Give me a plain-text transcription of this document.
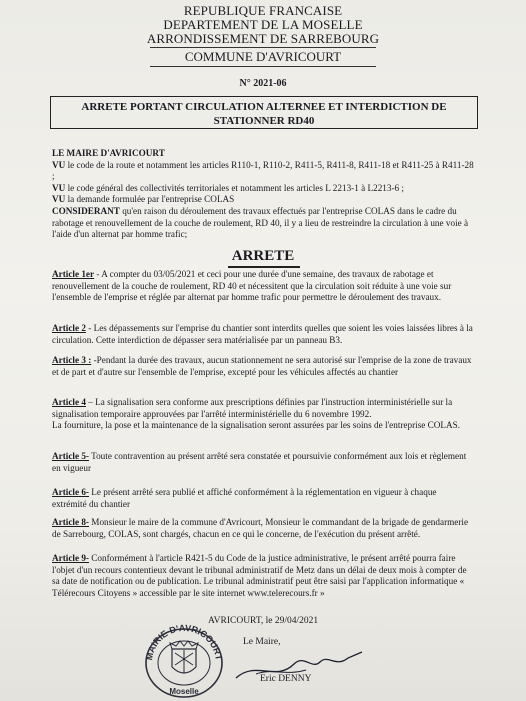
REPUBLIQUE FRANCAISE
DEPARTEMENT DE LA MOSELLE
ARRONDISSEMENT DE SARREBOURG
COMMUNE D'AVRICOURT
N° 2021-06
ARRETE PORTANT CIRCULATION ALTERNEE ET INTERDICTION DE
STATIONNER RD40

LE MAIRE D'AVRICOURT

VU le code de la route et notamment les articles R110-1, R110-2, R411-5, R411-8, R411-18 et R411-25 à R411-28 ;

VU le code général des collectivités territoriales et notamment les articles L 2213-1 à L2213-6 ;

VU la demande formulée par l'entreprise COLAS

CONSIDERANT qu'en raison du déroulement des travaux effectués par l'entreprise COLAS dans le cadre du rabotage et renouvellement de la couche de roulement, RD 40, il y a lieu de restreindre la circulation à une voie à l'aide d'un alternat par homme trafic;

ARRETE

Article 1er - A compter du 03/05/2021 et ceci pour une durée d'une semaine, des travaux de rabotage et renouvellement de la couche de roulement, RD 40 et nécessitent que la circulation soit réduite à une voie sur l'ensemble de l'emprise et réglée par alternat par homme trafic pour permettre le déroulement des travaux.

Article 2 - Les dépassements sur l'emprise du chantier sont interdits quelles que soient les voies laissées libres à la circulation. Cette interdiction de dépasser sera matérialisée par un panneau B3.

Article 3 : -Pendant la durée des travaux, aucun stationnement ne sera autorisé sur l'emprise de la zone de travaux et de part et d'autre sur l'ensemble de l'emprise, excepté pour les véhicules affectés au chantier

Article 4 – La signalisation sera conforme aux prescriptions définies par l'instruction interministérielle sur la signalisation temporaire approuvées par l'arrêté interministérielle du 6 novembre 1992.

La fourniture, la pose et la maintenance de la signalisation seront assurées par les soins de l'entreprise COLAS.

Article 5- Toute contravention au présent arrêté sera constatée et poursuivie conformément aux lois et règlement en vigueur

Article 6- Le présent arrêté sera publié et affiché conformément à la réglementation en vigueur à chaque extrémité du chantier

Article 8- Monsieur le maire de la commune d'Avricourt, Monsieur le commandant de la brigade de gendarmerie de Sarrebourg, COLAS, sont chargés, chacun en ce qui le concerne, de l'exécution du présent arrêté.

Article 9- Conformément à l'article R421-5 du Code de la justice administrative, le présent arrêté pourra faire l'objet d'un recours contentieux devant le tribunal administratif de Metz dans un délai de deux mois à compter de sa date de notification ou de publication. Le tribunal administratif peut être saisi par l'application informatique « Télérecours Citoyens » accessible par le site internet www.telerecours.fr »

AVRICOURT, le 29/04/2021
MAIRIE D'AVRICOURT
Moselle
Le Maire,
Eric DENNY
